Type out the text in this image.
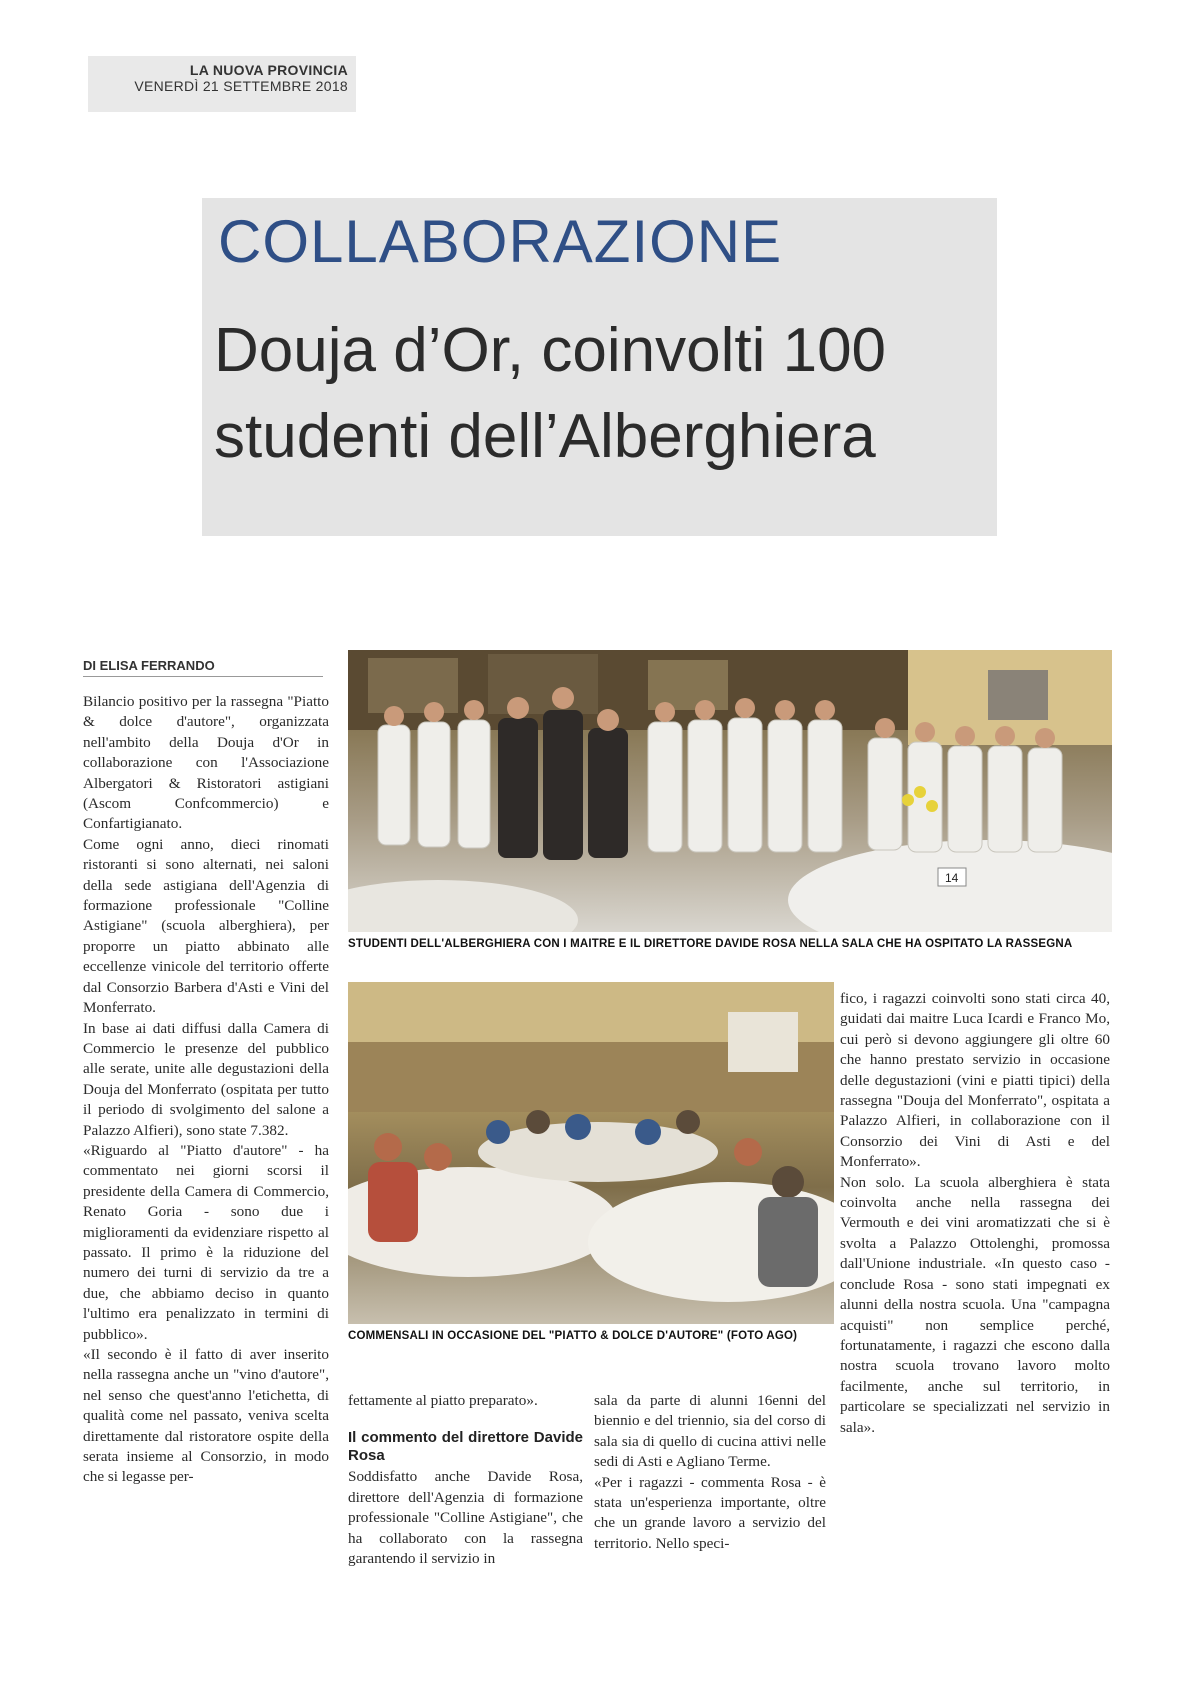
LA NUOVA PROVINCIA
VENERDÌ 21 SETTEMBRE 2018
COLLABORAZIONE
Douja d’Or, coinvolti 100
studenti dell’Alberghiera
DI ELISA FERRANDO

Bilancio positivo per la rassegna "Piatto & dolce d'autore", organizzata nell'ambito della Douja d'Or in collaborazione con l'Associazione Albergatori & Ristoratori astigiani (Ascom Confcommercio) e Confartigianato.

Come ogni anno, dieci rinomati ristoranti si sono alternati, nei saloni della sede astigiana dell'Agenzia di formazione professionale "Colline Astigiane" (scuola alberghiera), per proporre un piatto abbinato alle eccellenze vinicole del territorio offerte dal Consorzio Barbera d'Asti e Vini del Monferrato.

In base ai dati diffusi dalla Camera di Commercio le presenze del pubblico alle serate, unite alle degustazioni della Douja del Monferrato (ospitata per tutto il periodo di svolgimento del salone a Palazzo Alfieri), sono state 7.382.

«Riguardo al "Piatto d'autore" - ha commentato nei giorni scorsi il presidente della Camera di Commercio, Renato Goria - sono due i miglioramenti da evidenziare rispetto al passato. Il primo è la riduzione del numero dei turni di servizio da tre a due, che abbiamo deciso in quanto l'ultimo era penalizzato in termini di pubblico».

«Il secondo è il fatto di aver inserito nella rassegna anche un "vino d'autore", nel senso che quest'anno l'etichetta, di qualità come nel passato, veniva scelta direttamente dal ristoratore ospite della serata insieme al Consorzio, in modo che si legasse per-

14
STUDENTI DELL'ALBERGHIERA CON I MAITRE E IL DIRETTORE DAVIDE ROSA NELLA SALA CHE HA OSPITATO LA RASSEGNA
COMMENSALI IN OCCASIONE DEL "PIATTO & DOLCE D'AUTORE" (FOTO AGO)

fettamente al piatto preparato».

Il commento del direttore Davide Rosa

Soddisfatto anche Davide Rosa, direttore dell'Agenzia di formazione professionale "Colline Astigiane", che ha collaborato con la rassegna garantendo il servizio in

sala da parte di alunni 16enni del biennio e del triennio, sia del corso di sala sia di quello di cucina attivi nelle sedi di Asti e Agliano Terme.

«Per i ragazzi - commenta Rosa - è stata un'esperienza importante, oltre che un grande lavoro a servizio del territorio. Nello speci-

fico, i ragazzi coinvolti sono stati circa 40, guidati dai maitre Luca Icardi e Franco Mo, cui però si devono aggiungere gli oltre 60 che hanno prestato servizio in occasione delle degustazioni (vini e piatti tipici) della rassegna "Douja del Monferrato", ospitata a Palazzo Alfieri, in collaborazione con il Consorzio dei Vini di Asti e del Monferrato».

Non solo. La scuola alberghiera è stata coinvolta anche nella rassegna dei Vermouth e dei vini aromatizzati che si è svolta a Palazzo Ottolenghi, promossa dall'Unione industriale. «In questo caso - conclude Rosa - sono stati impegnati ex alunni della nostra scuola. Una "campagna acquisti" non semplice perché, fortunatamente, i ragazzi che escono dalla nostra scuola trovano lavoro molto facilmente, anche sul territorio, in particolare se specializzati nel servizio in sala».
